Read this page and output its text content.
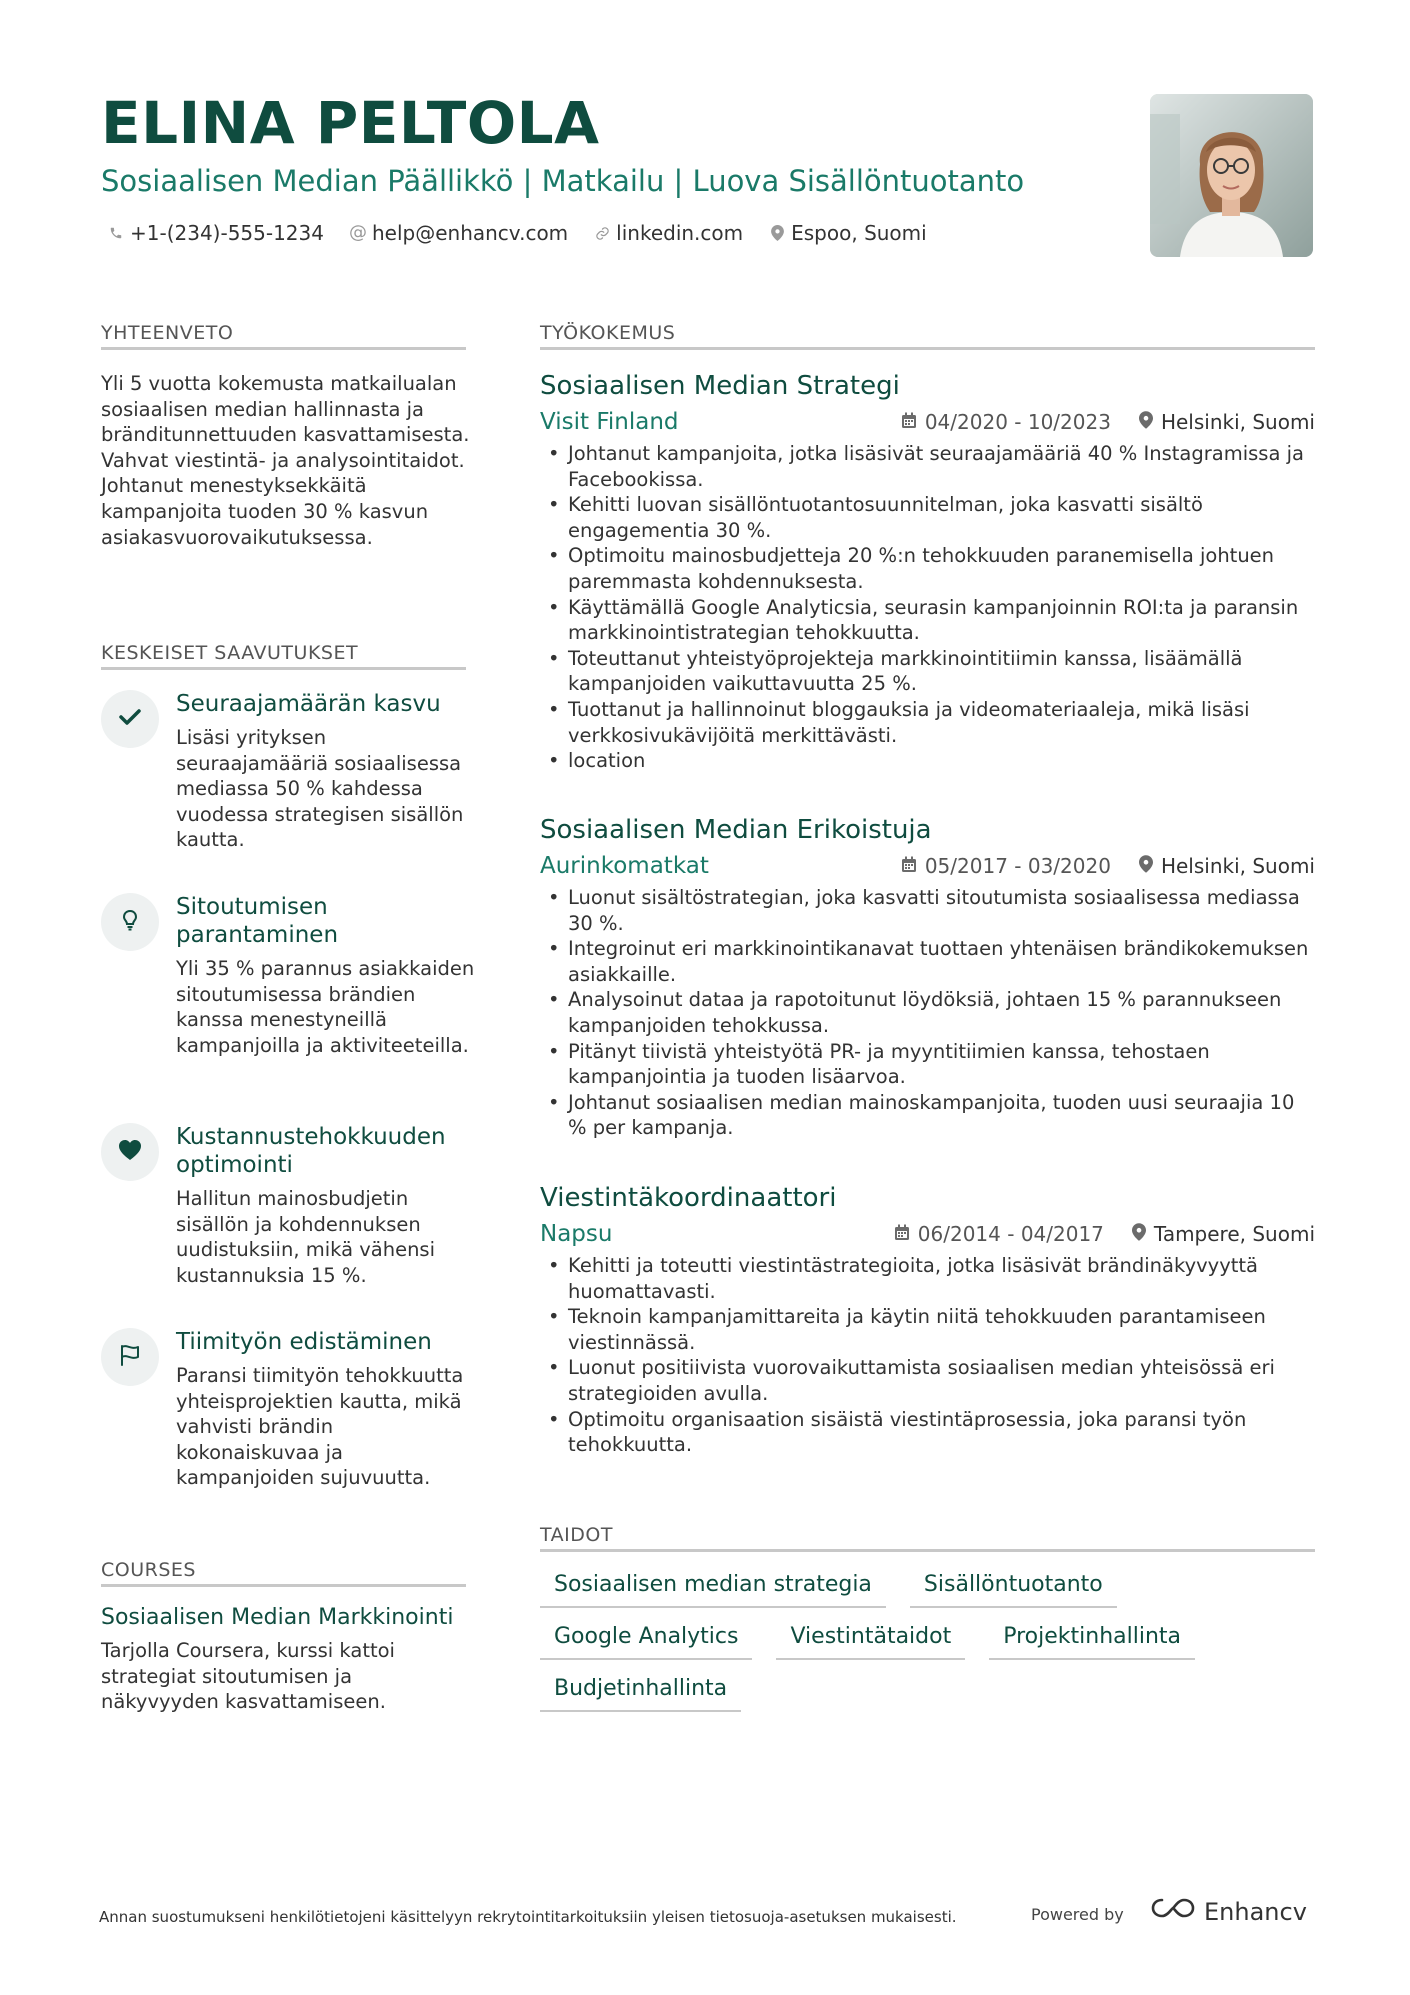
ELINA PELTOLA
Sosiaalisen Median Päällikkö | Matkailu | Luova Sisällöntuotanto
+1-(234)-555-1234 @ help@enhancv.com linkedin.com Espoo, Suomi
YHTEENVETO
Yli 5 vuotta kokemusta matkailualan sosiaalisen median hallinnasta ja bränditunnettuuden kasvattamisesta. Vahvat viestintä- ja analysointitaidot. Johtanut menestyksekkäitä kampanjoita tuoden 30 % kasvun asiakasvuorovaikutuksessa.
KESKEISET SAAVUTUKSET
Seuraajamäärän kasvu
Lisäsi yrityksen seuraajamääriä sosiaalisessa mediassa 50 % kahdessa vuodessa strategisen sisällön kautta.
Sitoutumisen parantaminen
Yli 35 % parannus asiakkaiden sitoutumisessa brändien kanssa menestyneillä kampanjoilla ja aktiviteeteilla.
Kustannustehokkuuden optimointi
Hallitun mainosbudjetin sisällön ja kohdennuksen uudistuksiin, mikä vähensi kustannuksia 15 %.
Tiimityön edistäminen
Paransi tiimityön tehokkuutta yhteisprojektien kautta, mikä vahvisti brändin kokonaiskuvaa ja kampanjoiden sujuvuutta.
COURSES
Sosiaalisen Median Markkinointi
Tarjolla Coursera, kurssi kattoi strategiat sitoutumisen ja näkyvyyden kasvattamiseen.
TYÖKOKEMUS
Sosiaalisen Median Strategi
Visit Finland	04/2020 - 10/2023	Helsinki, Suomi
• Johtanut kampanjoita, jotka lisäsivät seuraajamääriä 40 % Instagramissa ja Facebookissa.
• Kehitti luovan sisällöntuotantosuunnitelman, joka kasvatti sisältö engagementia 30 %.
• Optimoitu mainosbudjetteja 20 %:n tehokkuuden paranemisella johtuen paremmasta kohdennuksesta.
• Käyttämällä Google Analyticsia, seurasin kampanjoinnin ROI:ta ja paransin markkinointistrategian tehokkuutta.
• Toteuttanut yhteistyöprojekteja markkinointitiimin kanssa, lisäämällä kampanjoiden vaikuttavuutta 25 %.
• Tuottanut ja hallinnoinut bloggauksia ja videomateriaaleja, mikä lisäsi verkkosivukävijöitä merkittävästi.
• location
Sosiaalisen Median Erikoistuja
Aurinkomatkat	05/2017 - 03/2020	Helsinki, Suomi
• Luonut sisältöstrategian, joka kasvatti sitoutumista sosiaalisessa mediassa 30 %.
• Integroinut eri markkinointikanavat tuottaen yhtenäisen brändikokemuksen asiakkaille.
• Analysoinut dataa ja rapotoitunut löydöksiä, johtaen 15 % parannukseen kampanjoiden tehokkussa.
• Pitänyt tiivistä yhteistyötä PR- ja myyntitiimien kanssa, tehostaen kampanjointia ja tuoden lisäarvoa.
• Johtanut sosiaalisen median mainoskampanjoita, tuoden uusi seuraajia 10 % per kampanja.
Viestintäkoordinaattori
Napsu	06/2014 - 04/2017	Tampere, Suomi
• Kehitti ja toteutti viestintästrategioita, jotka lisäsivät brändinäkyvyyttä huomattavasti.
• Teknoin kampanjamittareita ja käytin niitä tehokkuuden parantamiseen viestinnässä.
• Luonut positiivista vuorovaikuttamista sosiaalisen median yhteisössä eri strategioiden avulla.
• Optimoitu organisaation sisäistä viestintäprosessia, joka paransi työn tehokkuutta.
TAIDOT
Sosiaalisen median strategia	Sisällöntuotanto
Google Analytics	Viestintätaidot	Projektinhallinta
Budjetinhallinta
Annan suostumukseni henkilötietojeni käsittelyyn rekrytointitarkoituksiin yleisen tietosuoja-asetuksen mukaisesti.	Powered by	Enhancv
